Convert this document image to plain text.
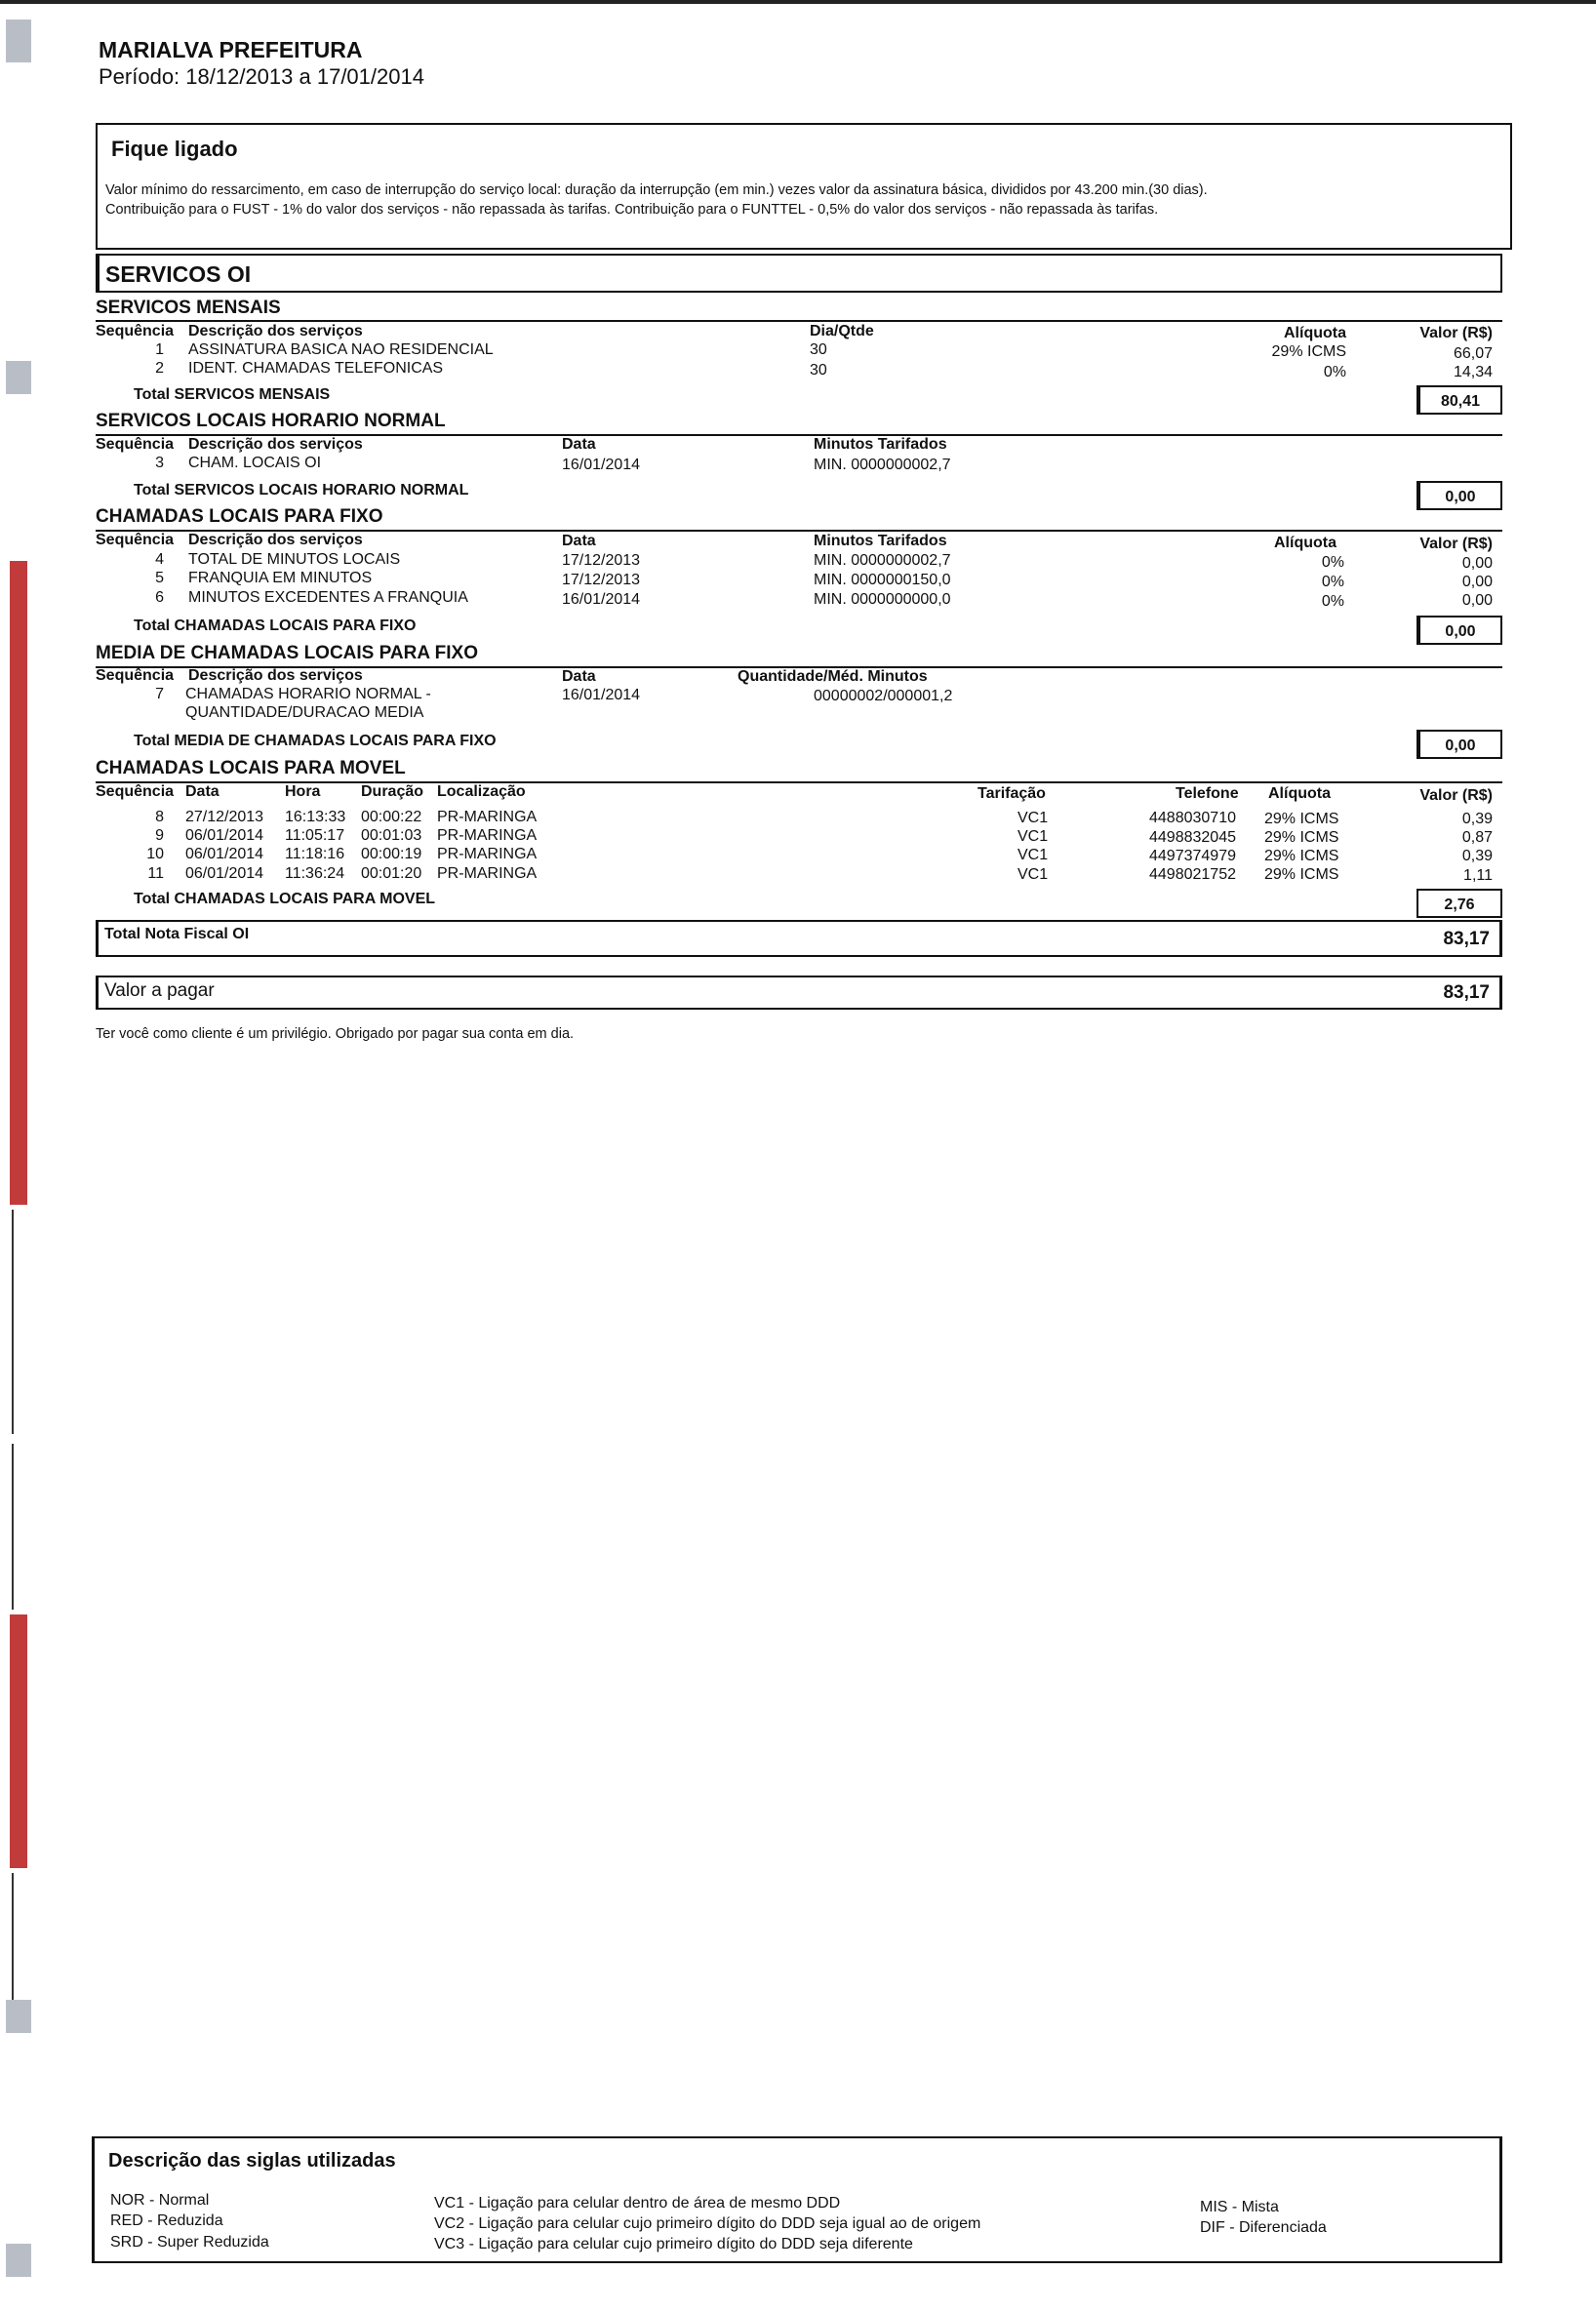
MARIALVA PREFEITURA
Período: 18/12/2013 a 17/01/2014
Fique ligado
Valor mínimo do ressarcimento, em caso de interrupção do serviço local: duração da interrupção (em min.) vezes valor da assinatura básica, divididos por 43.200 min.(30 dias).
Contribuição para o FUST - 1% do valor dos serviços - não repassada às tarifas. Contribuição para o FUNTTEL - 0,5% do valor dos serviços - não repassada às tarifas.
SERVICOS OI
SERVICOS MENSAIS
Sequência Descrição dos serviços	Dia/Qtde	Alíquota	Valor (R$)
1 ASSINATURA BASICA NAO RESIDENCIAL	30	29% ICMS	66,07
2 IDENT. CHAMADAS TELEFONICAS	30	0%	14,34
Total SERVICOS MENSAIS	80,41
SERVICOS LOCAIS HORARIO NORMAL
Sequência Descrição dos serviços	Data	Minutos Tarifados
3 CHAM. LOCAIS OI	16/01/2014	MIN. 0000000002,7
Total SERVICOS LOCAIS HORARIO NORMAL	0,00
CHAMADAS LOCAIS PARA FIXO
Sequência Descrição dos serviços	Data	Minutos Tarifados	Alíquota	Valor (R$)
4 TOTAL DE MINUTOS LOCAIS	17/12/2013	MIN. 0000000002,7	0%	0,00
5 FRANQUIA EM MINUTOS	17/12/2013	MIN. 0000000150,0	0%	0,00
6 MINUTOS EXCEDENTES A FRANQUIA	16/01/2014	MIN. 0000000000,0	0%	0,00
Total CHAMADAS LOCAIS PARA FIXO	0,00
MEDIA DE CHAMADAS LOCAIS PARA FIXO
Sequência Descrição dos serviços	Data	Quantidade/Méd. Minutos
7 CHAMADAS HORARIO NORMAL -
QUANTIDADE/DURACAO MEDIA
16/01/2014	00000002/000001,2
Total MEDIA DE CHAMADAS LOCAIS PARA FIXO	0,00
CHAMADAS LOCAIS PARA MOVEL
Sequência Data	Hora	Duração Localização	Tarifação	Telefone Alíquota	Valor (R$)
8 27/12/2013 16:13:33 00:00:22 PR-MARINGA	VC1	4488030710 29% ICMS	0,39
9 06/01/2014 11:05:17 00:01:03 PR-MARINGA	VC1	4498832045 29% ICMS	0,87
10 06/01/2014 11:18:16 00:00:19 PR-MARINGA	VC1	4497374979 29% ICMS	0,39
11 06/01/2014 11:36:24 00:01:20 PR-MARINGA	VC1	4498021752 29% ICMS	1,11
Total CHAMADAS LOCAIS PARA MOVEL	2,76
Total Nota Fiscal OI	83,17
Valor a pagar	83,17
Ter você como cliente é um privilégio. Obrigado por pagar sua conta em dia.
Descrição das siglas utilizadas
NOR - Normal
RED - Reduzida
SRD - Super Reduzida
VC1 - Ligação para celular dentro de área de mesmo DDD
VC2 - Ligação para celular cujo primeiro dígito do DDD seja igual ao de origem
VC3 - Ligação para celular cujo primeiro dígito do DDD seja diferente
MIS - Mista
DIF - Diferenciada
